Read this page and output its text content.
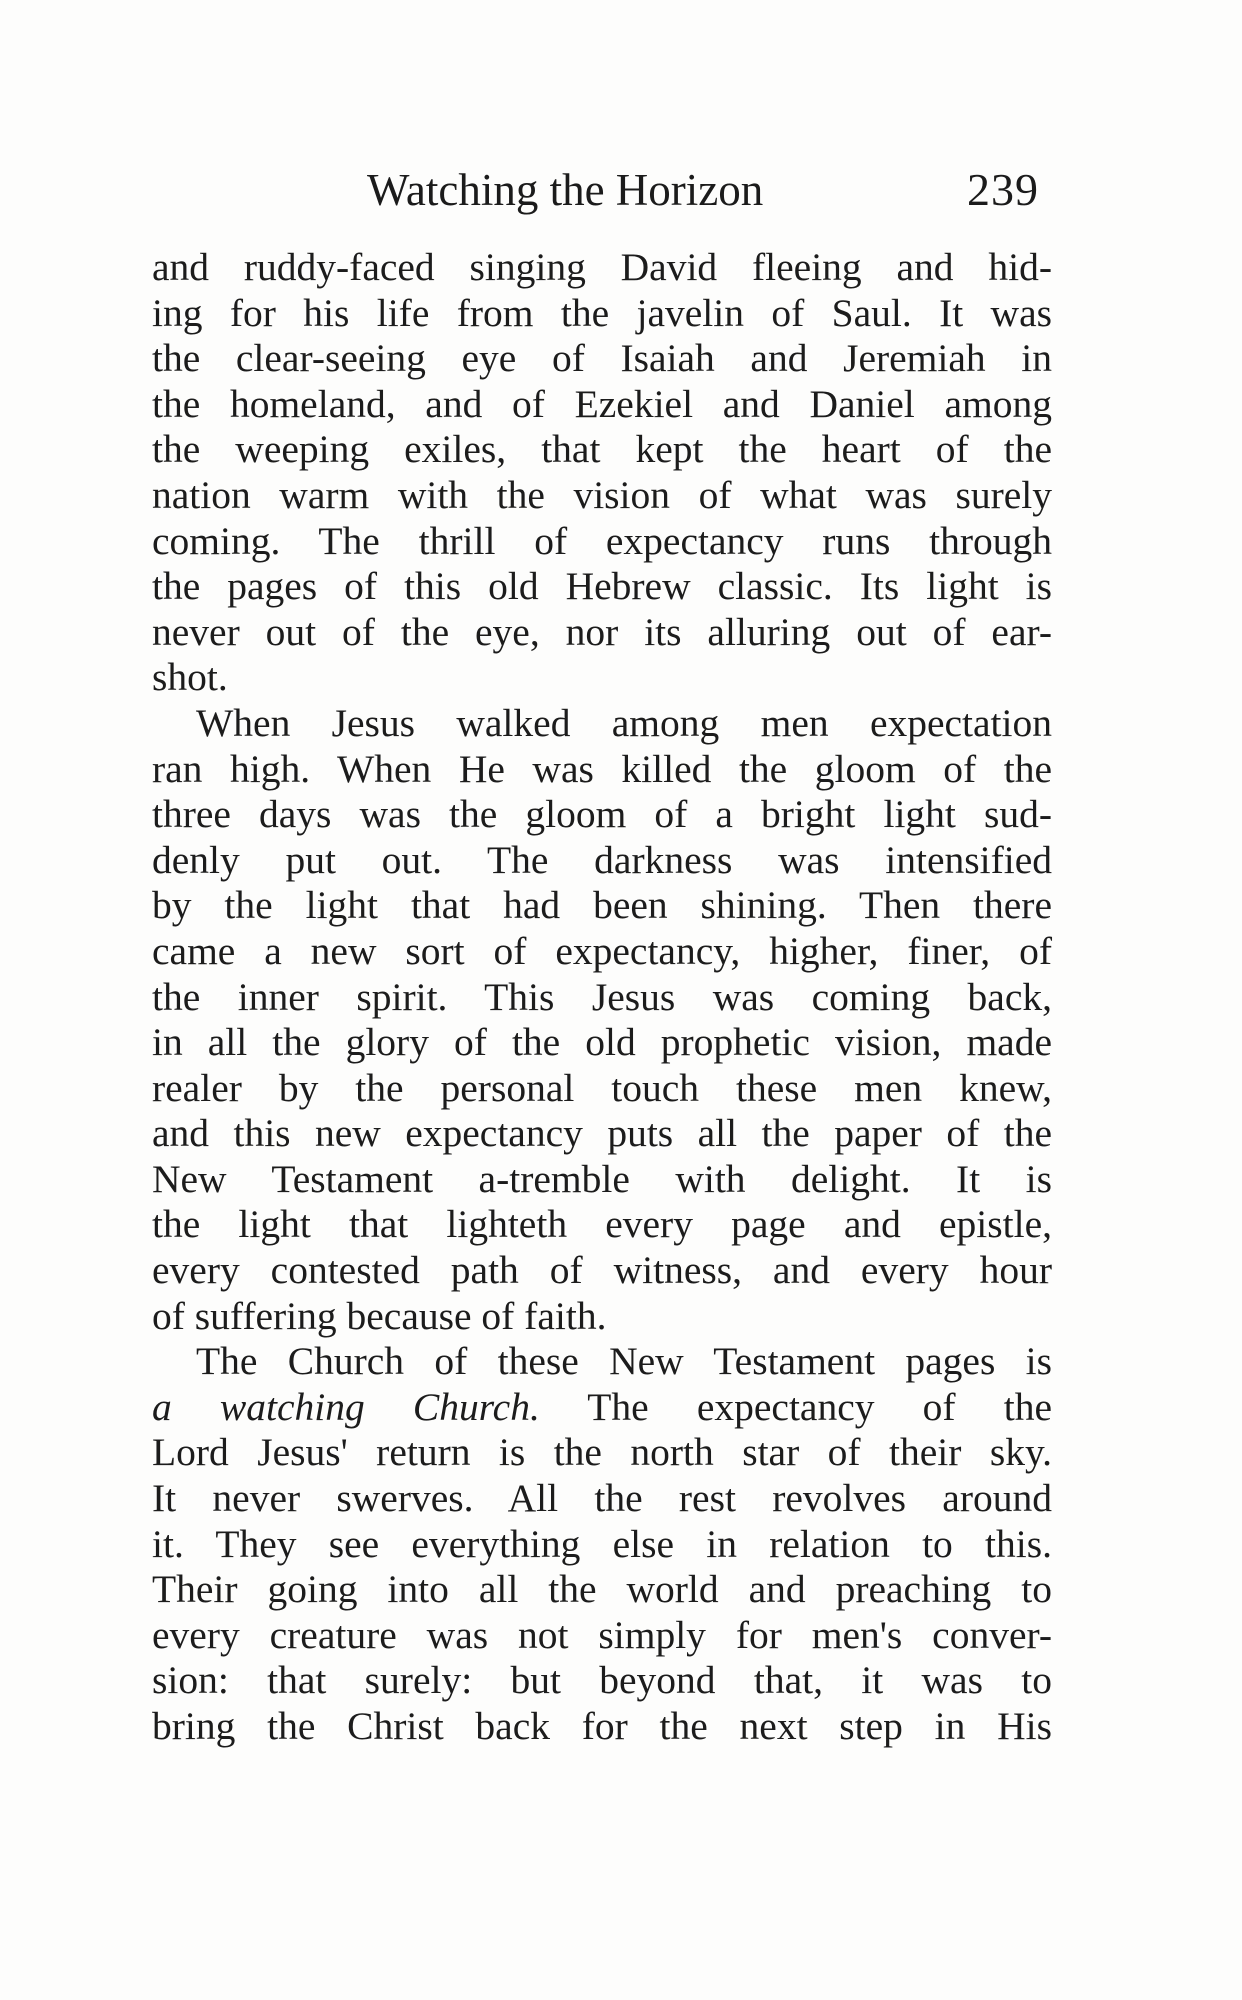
Watching the Horizon	239
and ruddy-faced singing David fleeing and hid-
ing for his life from the javelin of Saul. It was
the clear-seeing eye of Isaiah and Jeremiah in
the homeland, and of Ezekiel and Daniel among
the weeping exiles, that kept the heart of the
nation warm with the vision of what was surely
coming. The thrill of expectancy runs through
the pages of this old Hebrew classic. Its light is
never out of the eye, nor its alluring out of ear-
shot.
When Jesus walked among men expectation
ran high. When He was killed the gloom of the
three days was the gloom of a bright light sud-
denly put out. The darkness was intensified
by the light that had been shining. Then there
came a new sort of expectancy, higher, finer, of
the inner spirit. This Jesus was coming back,
in all the glory of the old prophetic vision, made
realer by the personal touch these men knew,
and this new expectancy puts all the paper of the
New Testament a-tremble with delight. It is
the light that lighteth every page and epistle,
every contested path of witness, and every hour
of suffering because of faith.
The Church of these New Testament pages is
a watching Church. The expectancy of the
Lord Jesus' return is the north star of their sky.
It never swerves. All the rest revolves around
it. They see everything else in relation to this.
Their going into all the world and preaching to
every creature was not simply for men's conver-
sion: that surely: but beyond that, it was to
bring the Christ back for the next step in His
